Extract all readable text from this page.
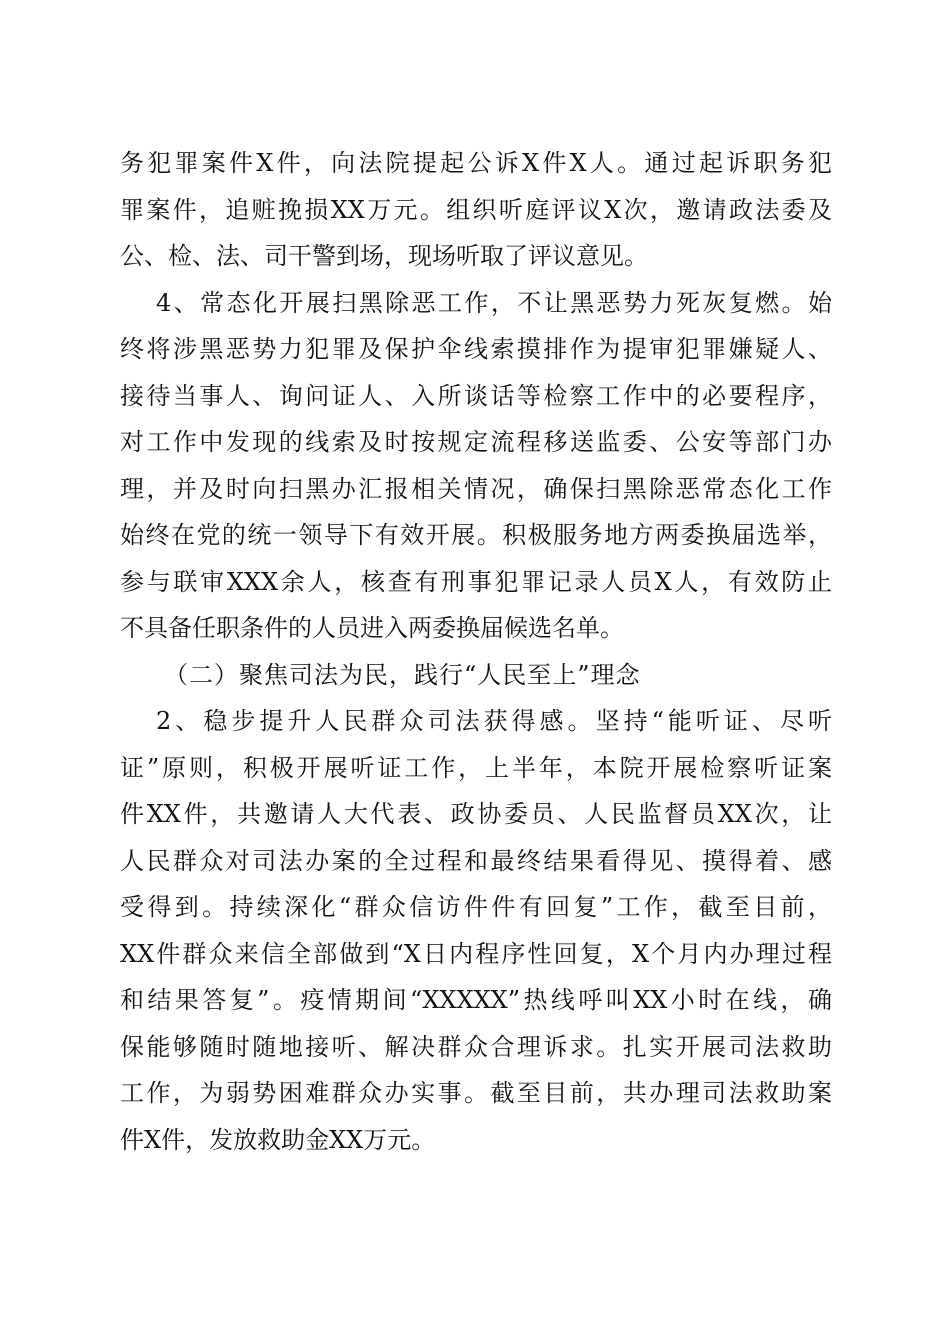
务犯罪案件X件，向法院提起公诉X件X人。通过起诉职务犯
罪案件，追赃挽损XX万元。组织听庭评议X次，邀请政法委及
公、检、法、司干警到场，现场听取了评议意见。
4、常态化开展扫黑除恶工作，不让黑恶势力死灰复燃。始
终将涉黑恶势力犯罪及保护伞线索摸排作为提审犯罪嫌疑人、
接待当事人、询问证人、入所谈话等检察工作中的必要程序，
对工作中发现的线索及时按规定流程移送监委、公安等部门办
理，并及时向扫黑办汇报相关情况，确保扫黑除恶常态化工作
始终在党的统一领导下有效开展。积极服务地方两委换届选举，
参与联审XXX余人，核查有刑事犯罪记录人员X人，有效防止
不具备任职条件的人员进入两委换届候选名单。
（二）聚焦司法为民，践行“人民至上”理念
2、稳步提升人民群众司法获得感。坚持“能听证、尽听
证”原则，积极开展听证工作，上半年，本院开展检察听证案
件XX件，共邀请人大代表、政协委员、人民监督员XX次，让
人民群众对司法办案的全过程和最终结果看得见、摸得着、感
受得到。持续深化“群众信访件件有回复”工作，截至目前，
XX件群众来信全部做到“X日内程序性回复，X个月内办理过程
和结果答复”。疫情期间“XXXXX”热线呼叫XX小时在线，确
保能够随时随地接听、解决群众合理诉求。扎实开展司法救助
工作，为弱势困难群众办实事。截至目前，共办理司法救助案
件X件，发放救助金XX万元。
